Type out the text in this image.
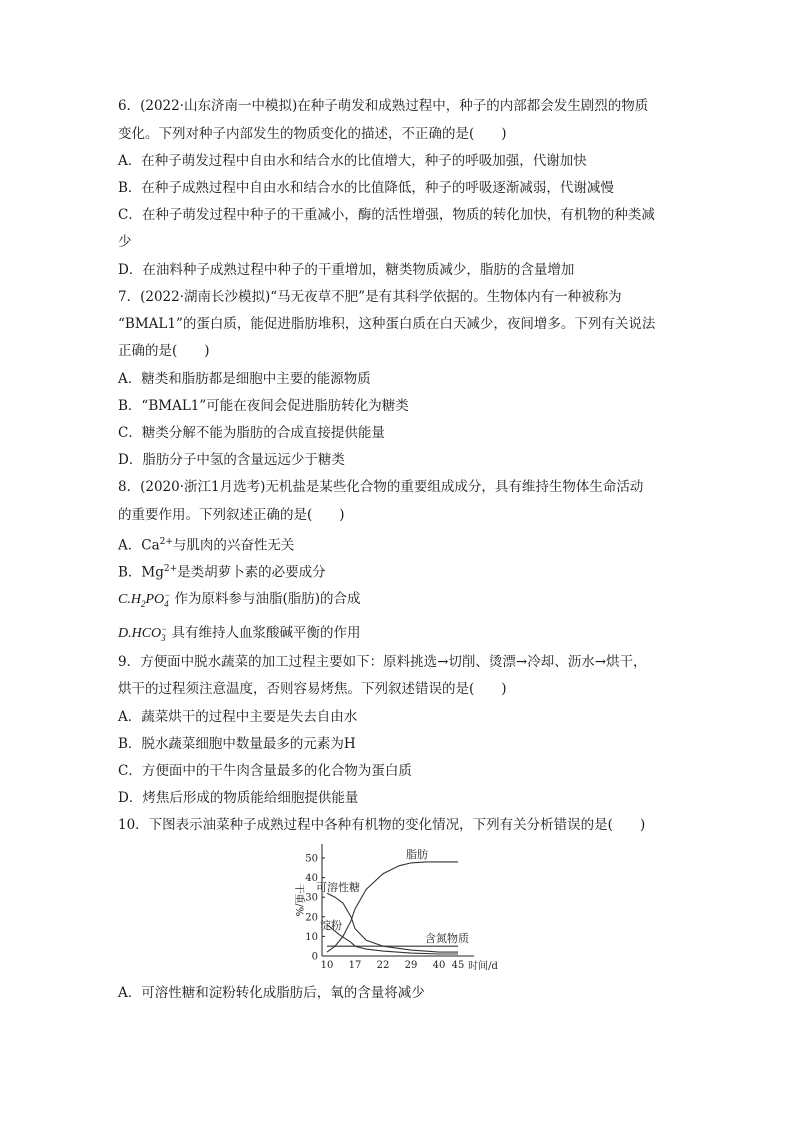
6．(2022·山东济南一中模拟)在种子萌发和成熟过程中，种子的内部都会发生剧烈的物质
变化。下列对种子内部发生的物质变化的描述，不正确的是(　　)
A．在种子萌发过程中自由水和结合水的比值增大，种子的呼吸加强，代谢加快
B．在种子成熟过程中自由水和结合水的比值降低，种子的呼吸逐渐减弱，代谢减慢
C．在种子萌发过程中种子的干重减小，酶的活性增强，物质的转化加快，有机物的种类减
少
D．在油料种子成熟过程中种子的干重增加，糖类物质减少，脂肪的含量增加
7．(2022·湖南长沙模拟)“马无夜草不肥”是有其科学依据的。生物体内有一种被称为
“BMAL1”的蛋白质，能促进脂肪堆积，这种蛋白质在白天减少，夜间增多。下列有关说法
正确的是(　　)
A．糖类和脂肪都是细胞中主要的能源物质
B．“BMAL1”可能在夜间会促进脂肪转化为糖类
C．糖类分解不能为脂肪的合成直接提供能量
D．脂肪分子中氢的含量远远少于糖类
8．(2020·浙江1月选考)无机盐是某些化合物的重要组成成分，具有维持生物体生命活动
的重要作用。下列叙述正确的是(　　)
A．$Ca^{2+}$与肌肉的兴奋性无关
B．$Mg^{2+}$是类胡萝卜素的必要成分
$C.H_2PO$ −
4 作为原料参与油脂(脂肪)的合成
D.HCO −
3 具有维持人血浆酸碱平衡的作用
9．方便面中脱水蔬菜的加工过程主要如下：原料挑选→切削、烫漂→冷却、沥水→烘干，
烘干的过程须注意温度，否则容易烤焦。下列叙述错误的是(　　)
A．蔬菜烘干的过程中主要是失去自由水
B．脱水蔬菜细胞中数量最多的元素为H
C．方便面中的干牛肉含量最多的化合物为蛋白质
D．烤焦后形成的物质能给细胞提供能量
10．下图表示油菜种子成熟过程中各种有机物的变化情况，下列有关分析错误的是(　　)
0
10
20
30
40
50
10 17 22 29 40 45
干重/%
时间/d
脂肪
可溶性糖
淀粉
含氮物质
A．可溶性糖和淀粉转化成脂肪后，氧的含量将减少
